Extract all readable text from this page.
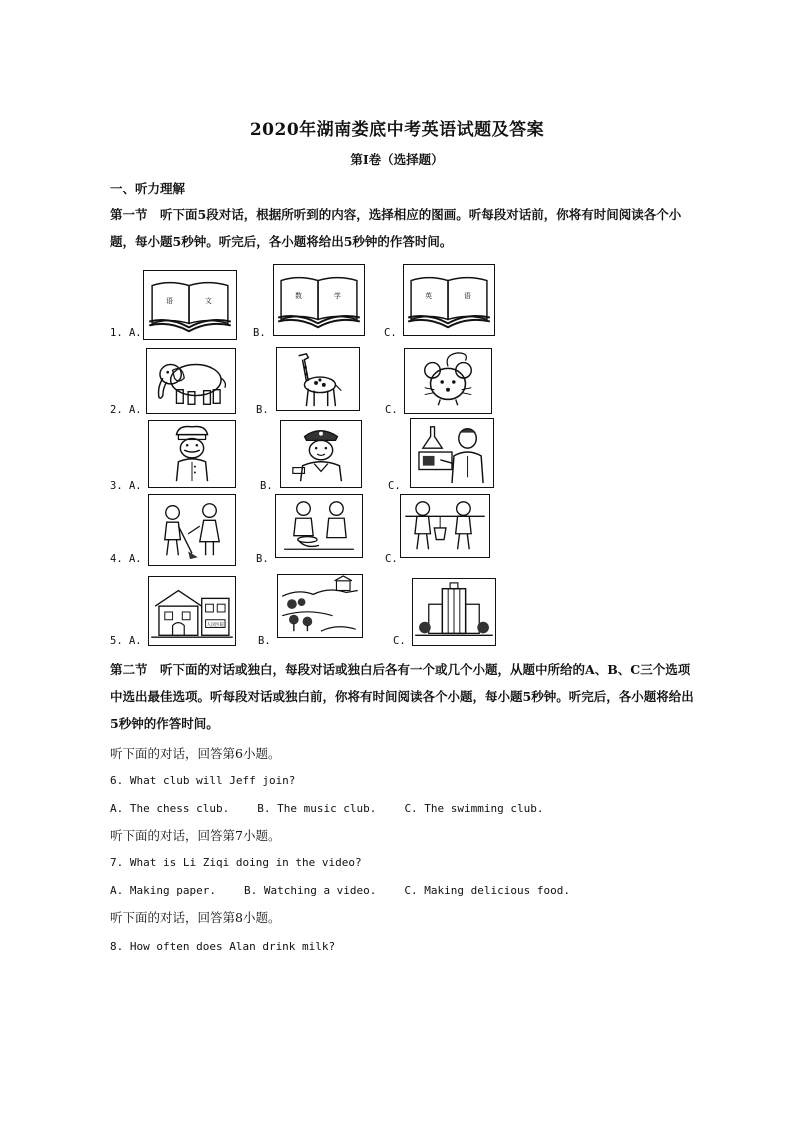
2020年湖南娄底中考英语试题及答案
第Ⅰ卷（选择题）
一、听力理解
第一节　听下面5段对话，根据所听到的内容，选择相应的图画。听每段对话前，你将有时间阅读各个小题，每小题5秒钟。听完后，各小题将给出5秒钟的作答时间。
1. A.	B.	C.
语	文
数	学	英	语
2. A.	B.	C.
3. A.	B.	C.
4. A.	B.	C.
5. A.	B.	C.
人民医院
第二节　听下面的对话或独白，每段对话或独白后各有一个或几个小题，从题中所给的A、B、C三个选项中选出最佳选项。听每段对话或独白前，你将有时间阅读各个小题，每小题5秒钟。听完后，各小题将给出5秒钟的作答时间。
听下面的对话，回答第6小题。
6. What club will Jeff join?
A. The chess club.	B. The music club.	C. The swimming club.
听下面的对话，回答第7小题。
7. What is Li Ziqi doing in the video?
A. Making paper.	B. Watching a video.	C. Making delicious food.
听下面的对话，回答第8小题。
8. How often does Alan drink milk?
